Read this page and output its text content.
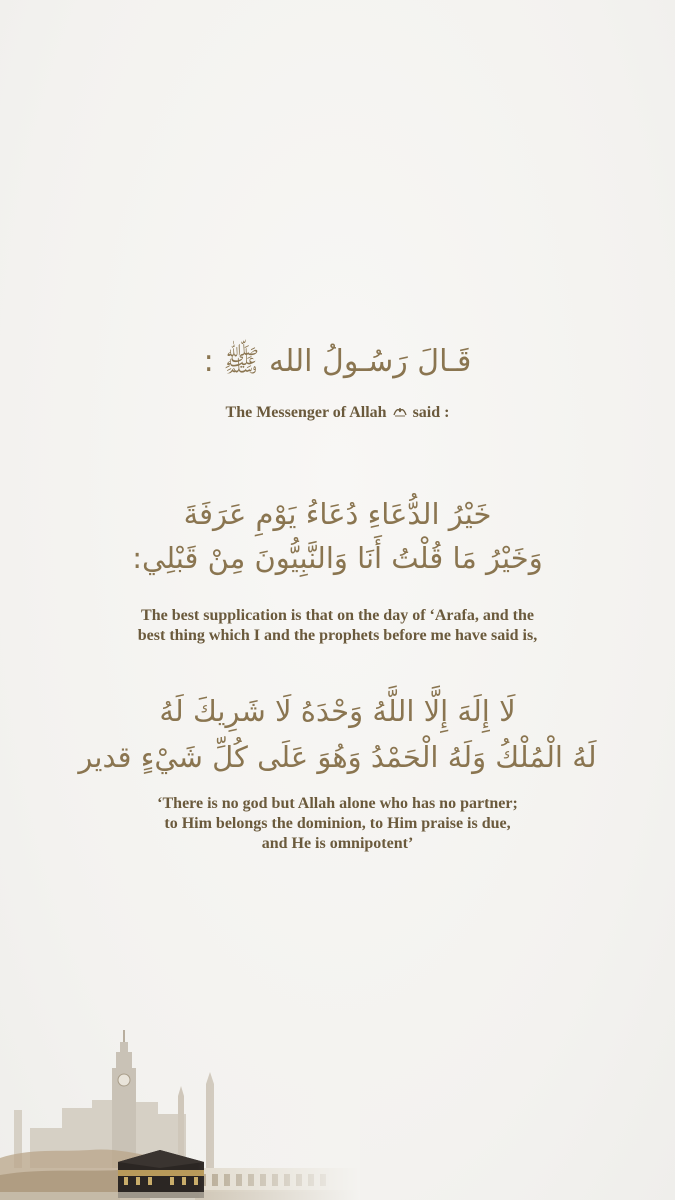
قَـالَ رَسُـولُ الله ﷺ :
The Messenger of Allah said :
خَيْرُ الدُّعَاءِ دُعَاءُ يَوْمِ عَرَفَةَ
وَخَيْرُ مَا قُلْتُ أَنَا وَالنَّبِيُّونَ مِنْ قَبْلِي:
The best supplication is that on the day of ‘Arafa, and the
best thing which I and the prophets before me have said is,
لَا إِلَهَ إِلَّا اللَّهُ وَحْدَهُ لَا شَرِيكَ لَهُ
لَهُ الْمُلْكُ وَلَهُ الْحَمْدُ وَهُوَ عَلَى كُلِّ شَيْءٍ قدير
‘There is no god but Allah alone who has no partner;
to Him belongs the dominion, to Him praise is due,
and He is omnipotent’
